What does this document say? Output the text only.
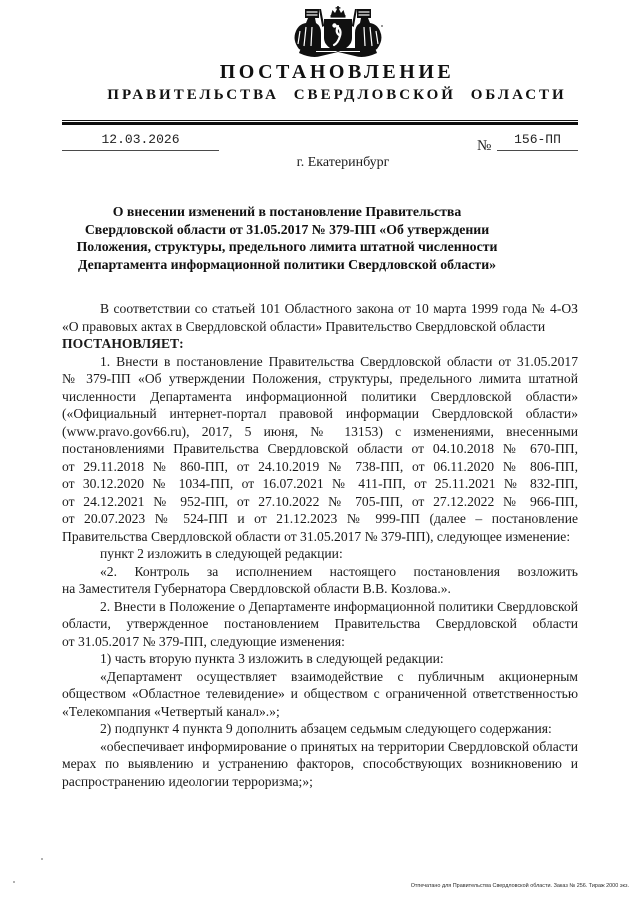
ПОСТАНОВЛЕНИЕ
ПРАВИТЕЛЬСТВА СВЕРДЛОВСКОЙ ОБЛАСТИ
12.03.2026	№	156-ПП
г. Екатеринбург
О внесении изменений в постановление Правительства
Свердловской области от 31.05.2017 № 379-ПП «Об утверждении
Положения, структуры, предельного лимита штатной численности
Департамента информационной политики Свердловской области»

В соответствии со статьей 101 Областного закона от 10 марта 1999 года № 4-ОЗ «О правовых актах в Свердловской области» Правительство Свердловской области

ПОСТАНОВЛЯЕТ:

1. Внести в постановление Правительства Свердловской области от 31.05.2017 № 379-ПП «Об утверждении Положения, структуры, предельного лимита штатной численности Департамента информационной политики Свердловской области» («Официальный интернет-портал правовой информации Свердловской области» (www.pravo.gov66.ru), 2017, 5 июня, № 13153) с изменениями, внесенными постановлениями Правительства Свердловской области от 04.10.2018 № 670-ПП, от 29.11.2018 № 860-ПП, от 24.10.2019 № 738-ПП, от 06.11.2020 № 806-ПП, от 30.12.2020 № 1034-ПП, от 16.07.2021 № 411-ПП, от 25.11.2021 № 832-ПП, от 24.12.2021 № 952-ПП, от 27.10.2022 № 705-ПП, от 27.12.2022 № 966-ПП, от 20.07.2023 № 524-ПП и от 21.12.2023 № 999-ПП (далее – постановление Правительства Свердловской области от 31.05.2017 № 379-ПП), следующее изменение:

пункт 2 изложить в следующей редакции:

«2. Контроль за исполнением настоящего постановления возложить на Заместителя Губернатора Свердловской области В.В. Козлова.».

2. Внести в Положение о Департаменте информационной политики Свердловской области, утвержденное постановлением Правительства Свердловской области от 31.05.2017 № 379-ПП, следующие изменения:

1) часть вторую пункта 3 изложить в следующей редакции:

«Департамент осуществляет взаимодействие с публичным акционерным обществом «Областное телевидение» и обществом с ограниченной ответственностью «Телекомпания «Четвертый канал».»;

2) подпункт 4 пункта 9 дополнить абзацем седьмым следующего содержания:

«обеспечивает информирование о принятых на территории Свердловской области мерах по выявлению и устранению факторов, способствующих возникновению и распространению идеологии терроризма;»;

Отпечатано для Правительства Свердловской области. Заказ № 256. Тираж 2000 экз.
